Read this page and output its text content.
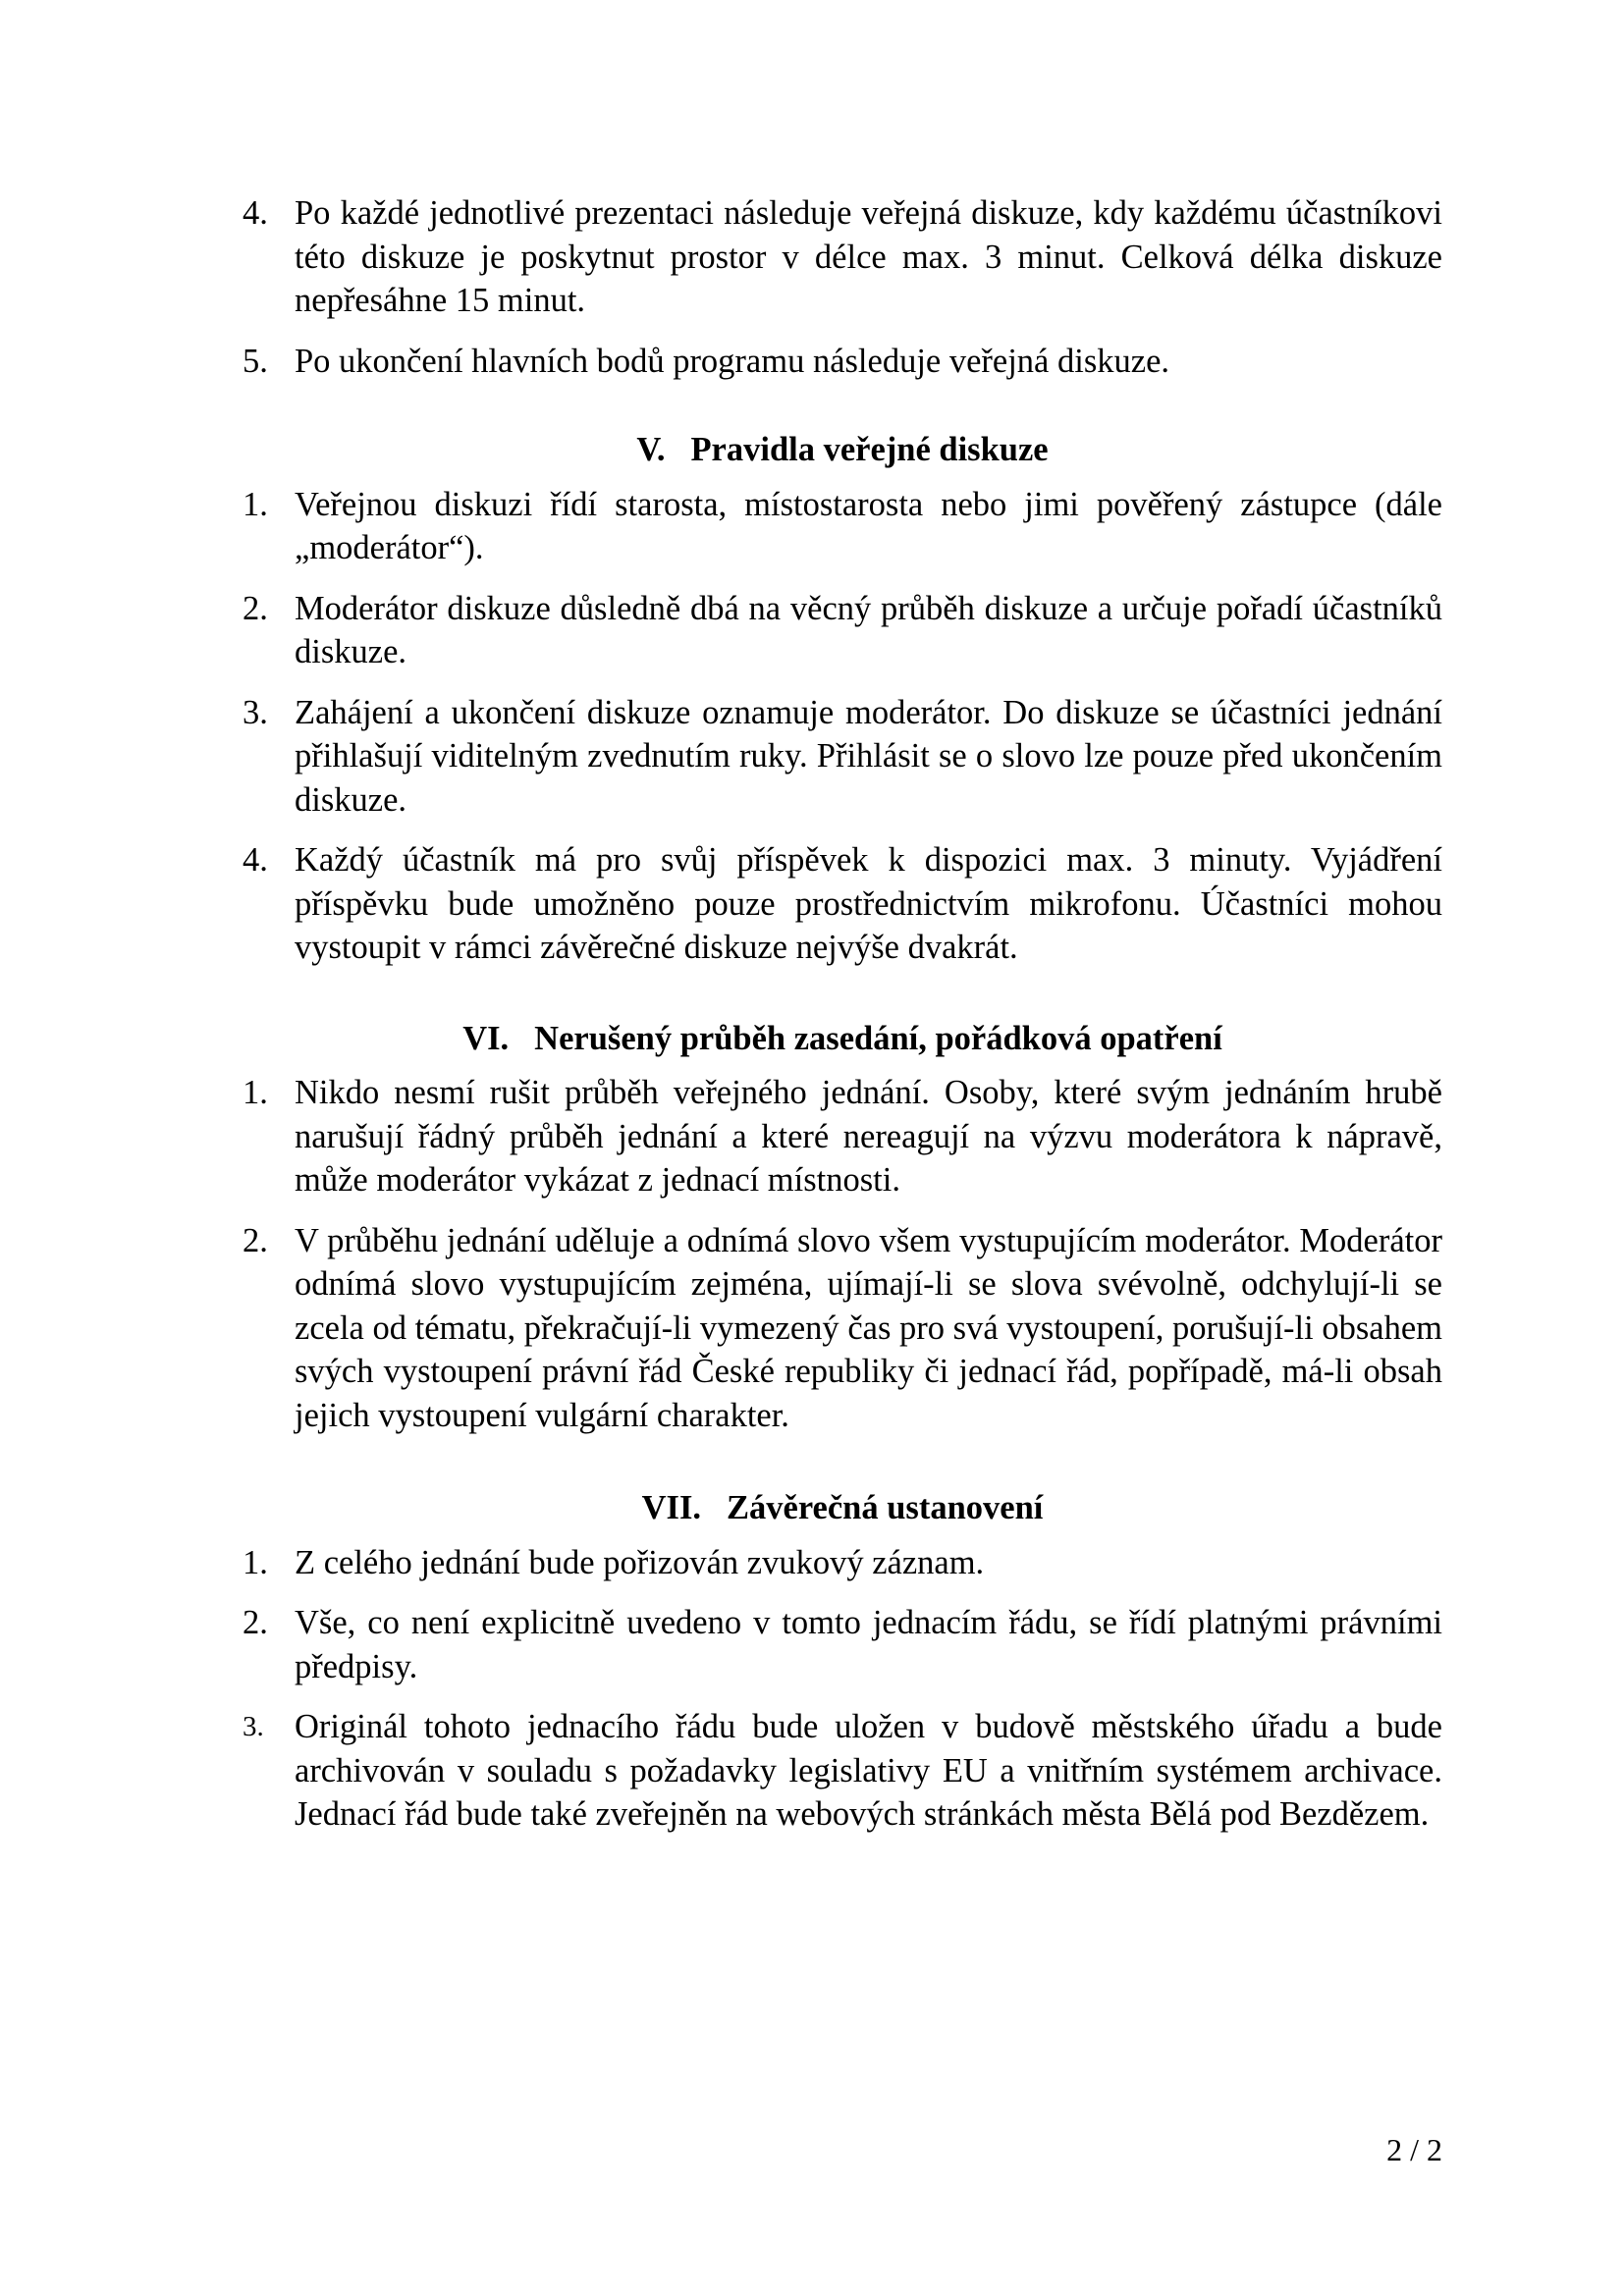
4. Po každé jednotlivé prezentaci následuje veřejná diskuze, kdy každému účastníkovi této diskuze je poskytnut prostor v délce max. 3 minut. Celková délka diskuze nepřesáhne 15 minut.
5. Po ukončení hlavních bodů programu následuje veřejná diskuze.
V. Pravidla veřejné diskuze
1. Veřejnou diskuzi řídí starosta, místostarosta nebo jimi pověřený zástupce (dále „moderátor“).
2. Moderátor diskuze důsledně dbá na věcný průběh diskuze a určuje pořadí účastníků diskuze.
3. Zahájení a ukončení diskuze oznamuje moderátor. Do diskuze se účastníci jednání přihlašují viditelným zvednutím ruky. Přihlásit se o slovo lze pouze před ukončením diskuze.
4. Každý účastník má pro svůj příspěvek k dispozici max. 3 minuty. Vyjádření příspěvku bude umožněno pouze prostřednictvím mikrofonu. Účastníci mohou vystoupit v rámci závěrečné diskuze nejvýše dvakrát.
VI. Nerušený průběh zasedání, pořádková opatření
1. Nikdo nesmí rušit průběh veřejného jednání. Osoby, které svým jednáním hrubě narušují řádný průběh jednání a které nereagují na výzvu moderátora k nápravě, může moderátor vykázat z jednací místnosti.
2. V průběhu jednání uděluje a odnímá slovo všem vystupujícím moderátor. Moderátor odnímá slovo vystupujícím zejména, ujímají-li se slova svévolně, odchylují-li se zcela od tématu, překračují-li vymezený čas pro svá vystoupení, porušují-li obsahem svých vystoupení právní řád České republiky či jednací řád, popřípadě, má-li obsah jejich vystoupení vulgární charakter.
VII. Závěrečná ustanovení
1. Z celého jednání bude pořizován zvukový záznam.
2. Vše, co není explicitně uvedeno v tomto jednacím řádu, se řídí platnými právními předpisy.
3. Originál tohoto jednacího řádu bude uložen v budově městského úřadu a bude archivován v souladu s požadavky legislativy EU a vnitřním systémem archivace. Jednací řád bude také zveřejněn na webových stránkách města Bělá pod Bezdězem.
2 / 2
